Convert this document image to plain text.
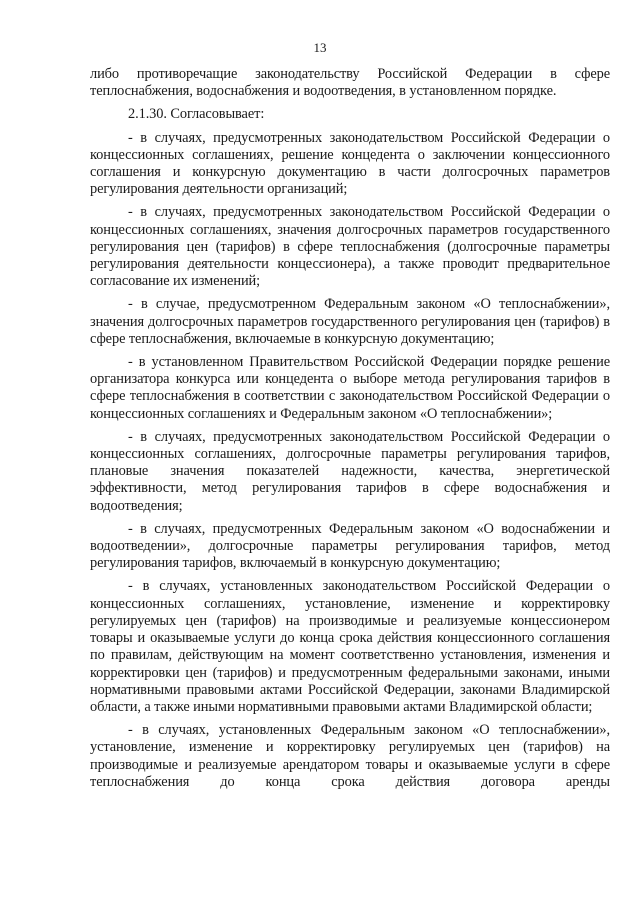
13

либо противоречащие законодательству Российской Федерации в сфере теплоснабжения, водоснабжения и водоотведения, в установленном порядке.

2.1.30. Согласовывает:

- в случаях, предусмотренных законодательством Российской Федерации о концессионных соглашениях, решение концедента о заключении концессионного соглашения и конкурсную документацию в части долгосрочных параметров регулирования деятельности организаций;

- в случаях, предусмотренных законодательством Российской Федерации о концессионных соглашениях, значения долгосрочных параметров государственного регулирования цен (тарифов) в сфере теплоснабжения (долгосрочные параметры регулирования деятельности концессионера), а также проводит предварительное согласование их изменений;

- в случае, предусмотренном Федеральным законом «О теплоснабжении», значения долгосрочных параметров государственного регулирования цен (тарифов) в сфере теплоснабжения, включаемые в конкурсную документацию;

- в установленном Правительством Российской Федерации порядке решение организатора конкурса или концедента о выборе метода регулирования тарифов в сфере теплоснабжения в соответствии с законодательством Российской Федерации о концессионных соглашениях и Федеральным законом «О теплоснабжении»;

- в случаях, предусмотренных законодательством Российской Федерации о концессионных соглашениях, долгосрочные параметры регулирования тарифов, плановые значения показателей надежности, качества, энергетической эффективности, метод регулирования тарифов в сфере водоснабжения и водоотведения;

- в случаях, предусмотренных Федеральным законом «О водоснабжении и водоотведении», долгосрочные параметры регулирования тарифов, метод регулирования тарифов, включаемый в конкурсную документацию;

- в случаях, установленных законодательством Российской Федерации о концессионных соглашениях, установление, изменение и корректировку регулируемых цен (тарифов) на производимые и реализуемые концессионером товары и оказываемые услуги до конца срока действия концессионного соглашения по правилам, действующим на момент соответственно установления, изменения и корректировки цен (тарифов) и предусмотренным федеральными законами, иными нормативными правовыми актами Российской Федерации, законами Владимирской области, а также иными нормативными правовыми актами Владимирской области;

- в случаях, установленных Федеральным законом «О теплоснабжении», установление, изменение и корректировку регулируемых цен (тарифов) на производимые и реализуемые арендатором товары и оказываемые услуги в сфере теплоснабжения до конца срока действия договора аренды
